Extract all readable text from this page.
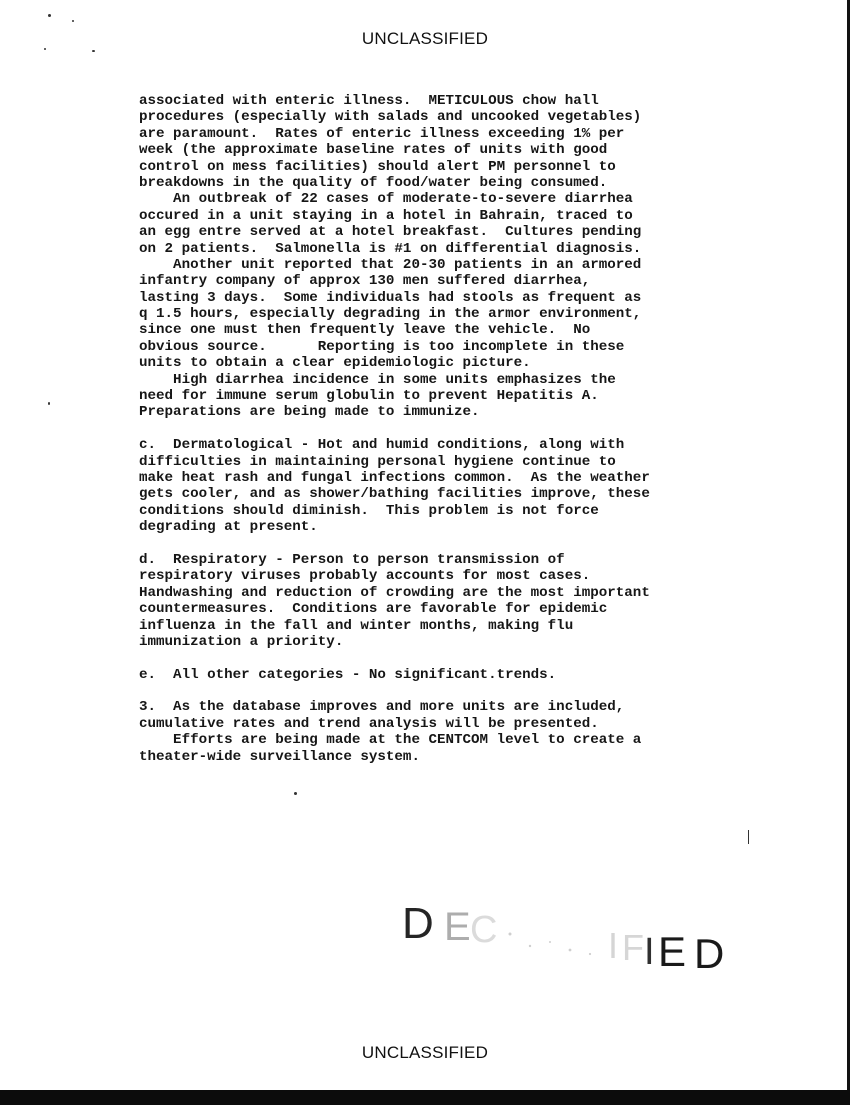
UNCLASSIFIED
associated with enteric illness.  METICULOUS chow hall
procedures (especially with salads and uncooked vegetables)
are paramount.  Rates of enteric illness exceeding 1% per
week (the approximate baseline rates of units with good
control on mess facilities) should alert PM personnel to
breakdowns in the quality of food/water being consumed.
An outbreak of 22 cases of moderate-to-severe diarrhea
occured in a unit staying in a hotel in Bahrain, traced to
an egg entre served at a hotel breakfast.  Cultures pending
on 2 patients.  Salmonella is #1 on differential diagnosis.
Another unit reported that 20-30 patients in an armored
infantry company of approx 130 men suffered diarrhea,
lasting 3 days.  Some individuals had stools as frequent as
q 1.5 hours, especially degrading in the armor environment,
since one must then frequently leave the vehicle.  No
obvious source.      Reporting is too incomplete in these
units to obtain a clear epidemiologic picture.
High diarrhea incidence in some units emphasizes the
need for immune serum globulin to prevent Hepatitis A.
Preparations are being made to immunize.
c.  Dermatological - Hot and humid conditions, along with
difficulties in maintaining personal hygiene continue to
make heat rash and fungal infections common.  As the weather
gets cooler, and as shower/bathing facilities improve, these
conditions should diminish.  This problem is not force
degrading at present.
d.  Respiratory - Person to person transmission of
respiratory viruses probably accounts for most cases.
Handwashing and reduction of crowding are the most important
countermeasures.  Conditions are favorable for epidemic
influenza in the fall and winter months, making flu
immunization a priority.
e.  All other categories - No significant.trends.
3.  As the database improves and more units are included,
cumulative rates and trend analysis will be presented.
Efforts are being made at the CENTCOM level to create a
theater-wide surveillance system.
D E C	I F I E D
UNCLASSIFIED
